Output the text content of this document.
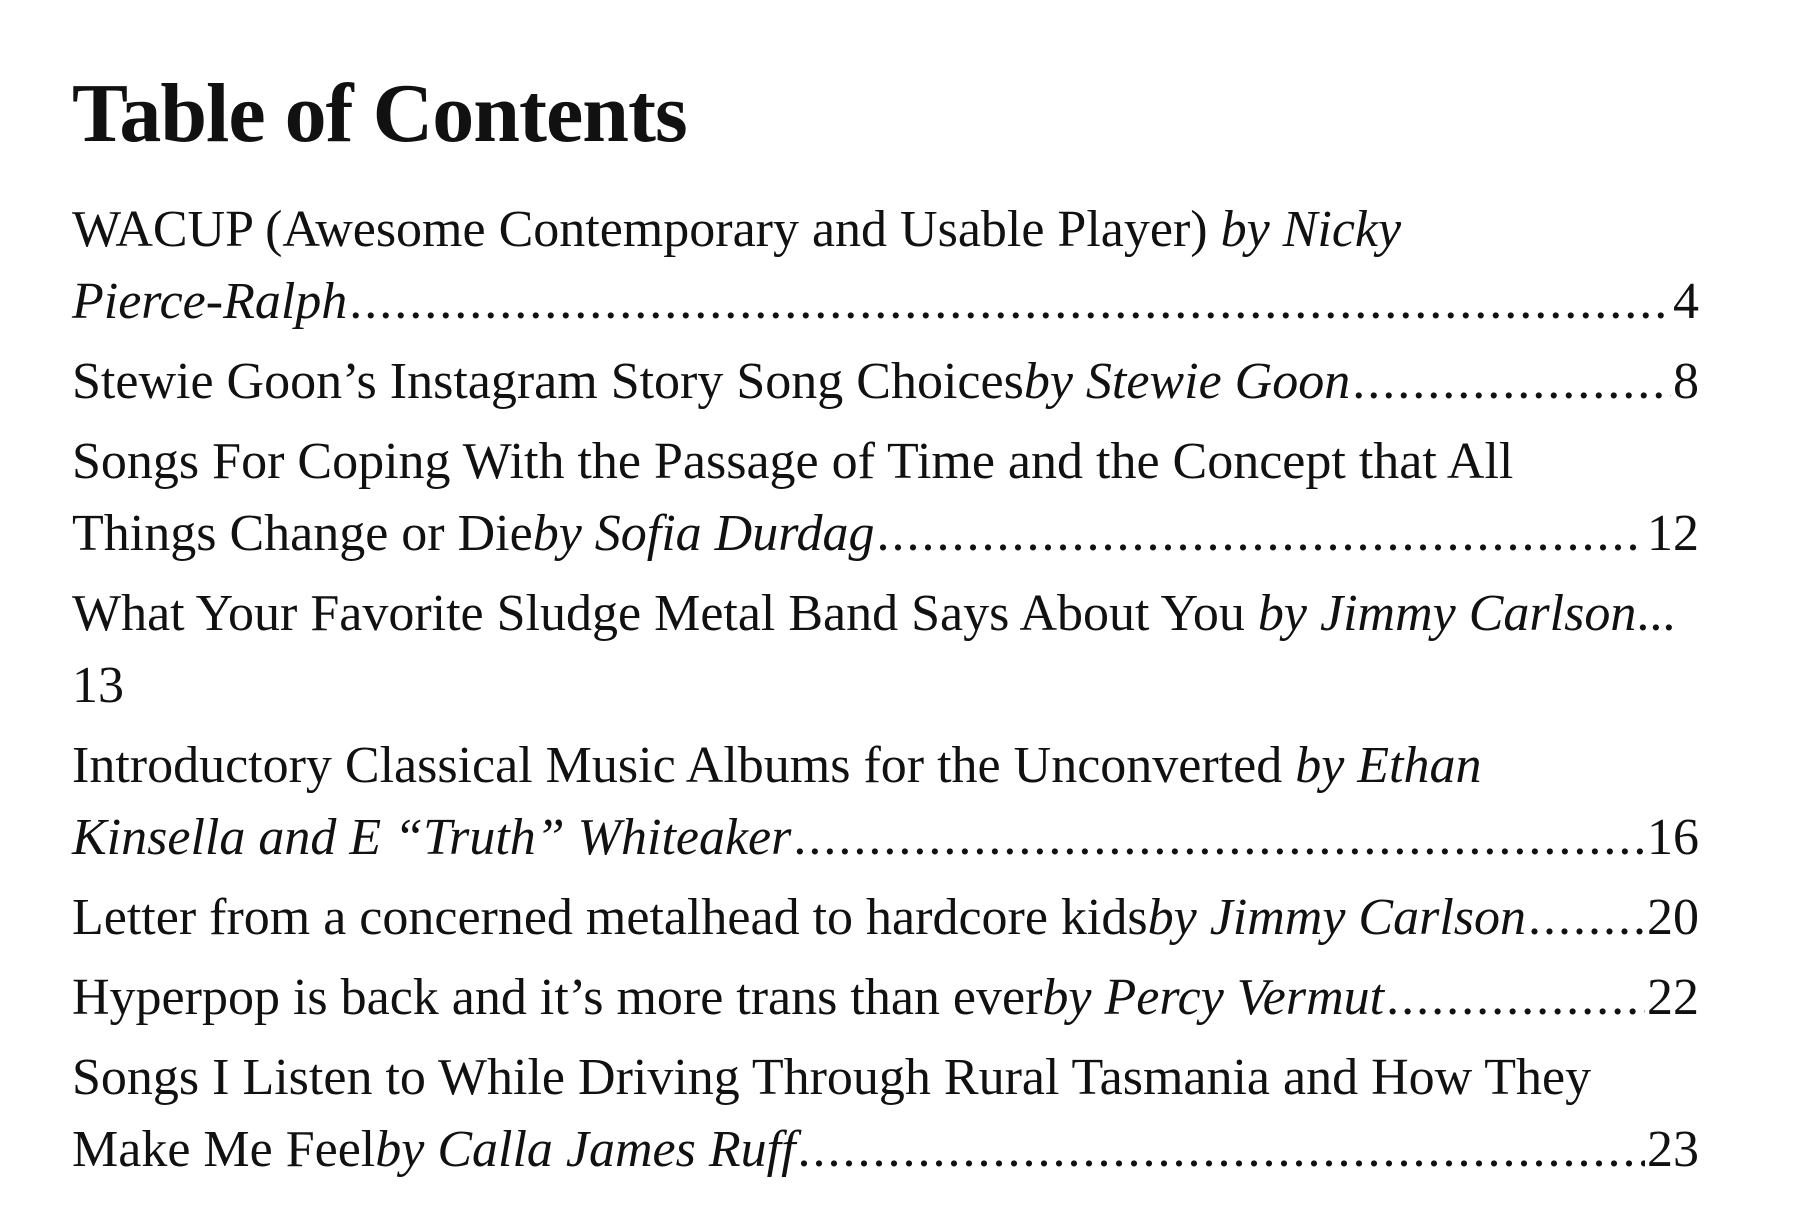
Table of Contents
WACUP (Awesome Contemporary and Usable Player) by Nicky
Pierce-Ralph .....	4
Stewie Goon’s Instagram Story Song Choices by Stewie Goon .....	8
Songs For Coping With the Passage of Time and the Concept that All
Things Change or Die by Sofia Durdag .....	12
What Your Favorite Sludge Metal Band Says About You by Jimmy Carlson...
13
Introductory Classical Music Albums for the Unconverted by Ethan
Kinsella and E “Truth” Whiteaker .....	16
Letter from a concerned metalhead to hardcore kids by Jimmy Carlson ..... 20
Hyperpop is back and it’s more trans than ever by Percy Vermut .....	22
Songs I Listen to While Driving Through Rural Tasmania and How They
Make Me Feel by Calla James Ruff .....	23
